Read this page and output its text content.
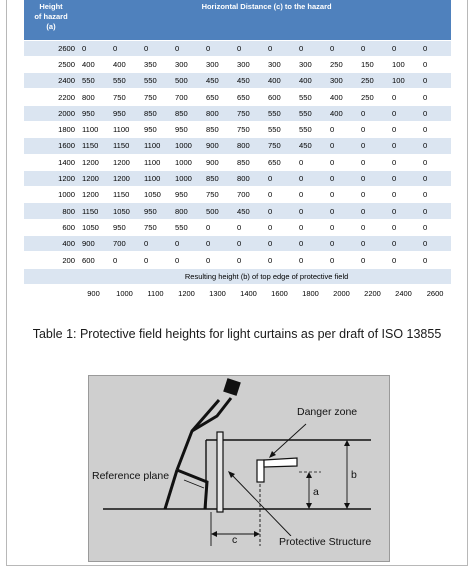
Height
of hazard
(a)	Horizontal Distance (c) to the hazard											
2600	0	0	0	0	0	0	0	0	0	0	0	0
2500	400	400	350	300	300	300	300	300	250	150	100	0
2400	550	550	550	500	450	450	400	400	300	250	100	0
2200	800	750	750	700	650	650	600	550	400	250	0	0
2000	950	950	850	850	800	750	550	550	400	0	0	0
1800	1100	1100	950	950	850	750	550	550	0	0	0	0
1600	1150	1150	1100	1000	900	800	750	450	0	0	0	0
1400	1200	1200	1100	1000	900	850	650	0	0	0	0	0
1200	1200	1200	1100	1000	850	800	0	0	0	0	0	0
1000	1200	1150	1050	950	750	700	0	0	0	0	0	0
800	1150	1050	950	800	500	450	0	0	0	0	0	0
600	1050	950	750	550	0	0	0	0	0	0	0	0
400	900	700	0	0	0	0	0	0	0	0	0	0
200	600	0	0	0	0	0	0	0	0	0	0	0
	Resulting height (b) of top edge of protective field											
	900	1000	1100	1200	1300	1400	1600	1800	2000	2200	2400	2600
Table 1: Protective field heights for light curtains as per draft of ISO 13855
Danger zone
Reference plane
Protective Structure
a
b
c
